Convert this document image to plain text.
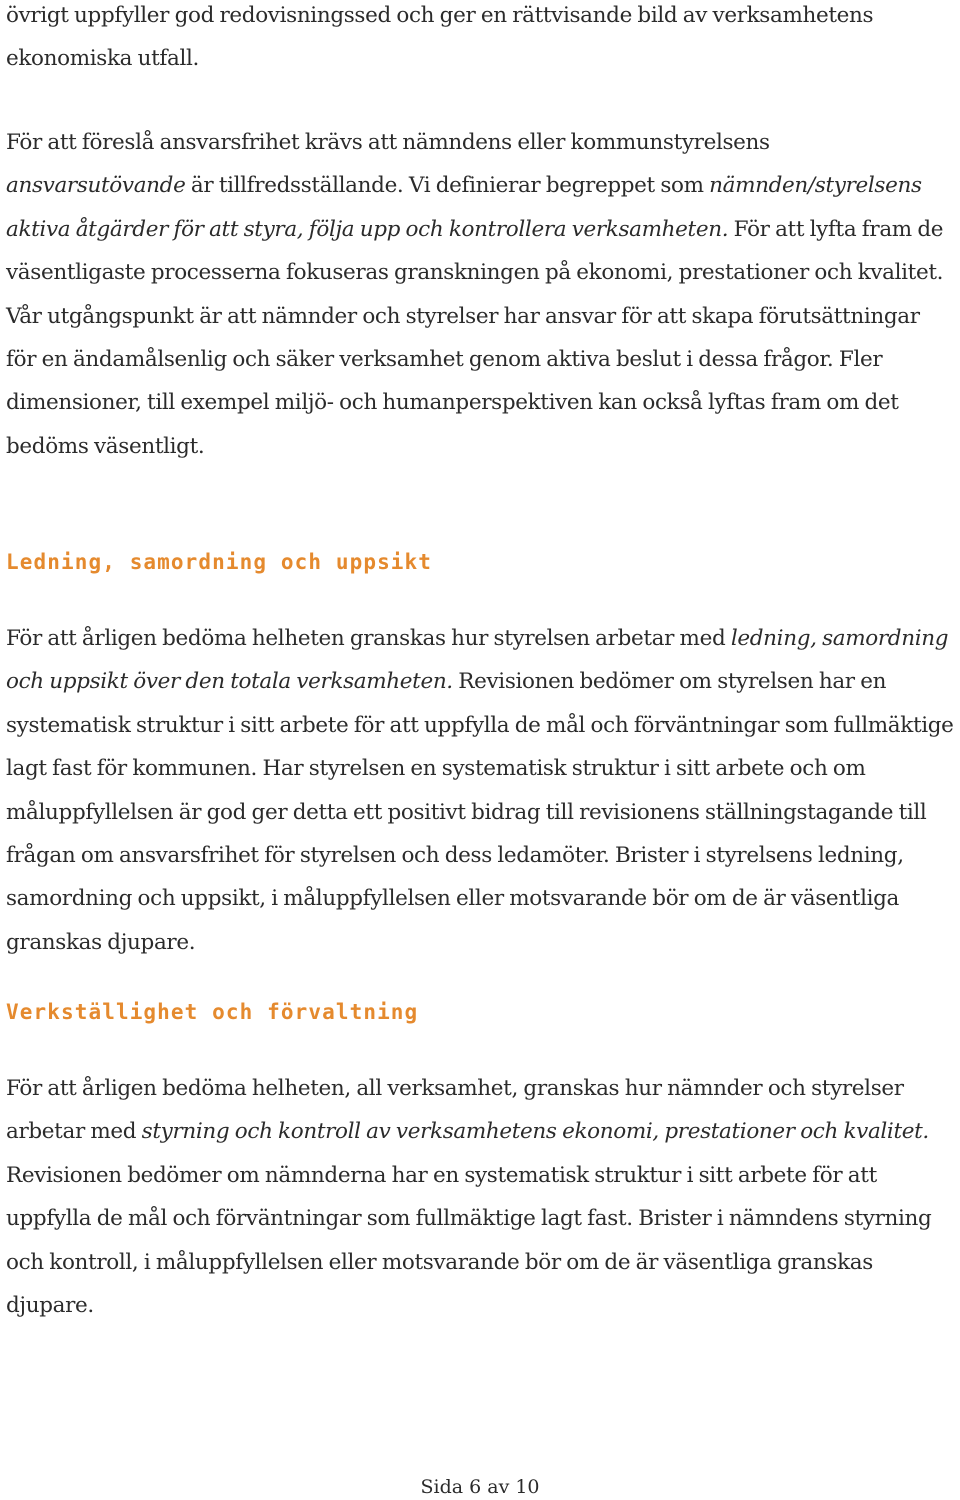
övrigt uppfyller god redovisningssed och ger en rättvisande bild av verksamhetens ekonomiska utfall.

För att föreslå ansvarsfrihet krävs att nämndens eller kommunstyrelsens ansvarsutövande är tillfredsställande. Vi definierar begreppet som nämnden/styrelsens aktiva åtgärder för att styra, följa upp och kontrollera verksamheten. För att lyfta fram de väsentligaste processerna fokuseras granskningen på ekonomi, prestationer och kvalitet. Vår utgångspunkt är att nämnder och styrelser har ansvar för att skapa förutsättningar för en ändamålsenlig och säker verksamhet genom aktiva beslut i dessa frågor. Fler dimensioner, till exempel miljö- och humanperspektiven kan också lyftas fram om det bedöms väsentligt.

Ledning, samordning och uppsikt

För att årligen bedöma helheten granskas hur styrelsen arbetar med ledning, samordning och uppsikt över den totala verksamheten. Revisionen bedömer om styrelsen har en systematisk struktur i sitt arbete för att uppfylla de mål och förväntningar som fullmäktige lagt fast för kommunen. Har styrelsen en systematisk struktur i sitt arbete och om måluppfyllelsen är god ger detta ett positivt bidrag till revisionens ställningstagande till frågan om ansvarsfrihet för styrelsen och dess ledamöter. Brister i styrelsens ledning, samordning och uppsikt, i måluppfyllelsen eller motsvarande bör om de är väsentliga granskas djupare.

Verkställighet och förvaltning

För att årligen bedöma helheten, all verksamhet, granskas hur nämnder och styrelser arbetar med styrning och kontroll av verksamhetens ekonomi, prestationer och kvalitet. Revisionen bedömer om nämnderna har en systematisk struktur i sitt arbete för att uppfylla de mål och förväntningar som fullmäktige lagt fast. Brister i nämndens styrning och kontroll, i måluppfyllelsen eller motsvarande bör om de är väsentliga granskas djupare.

Sida 6 av 10
